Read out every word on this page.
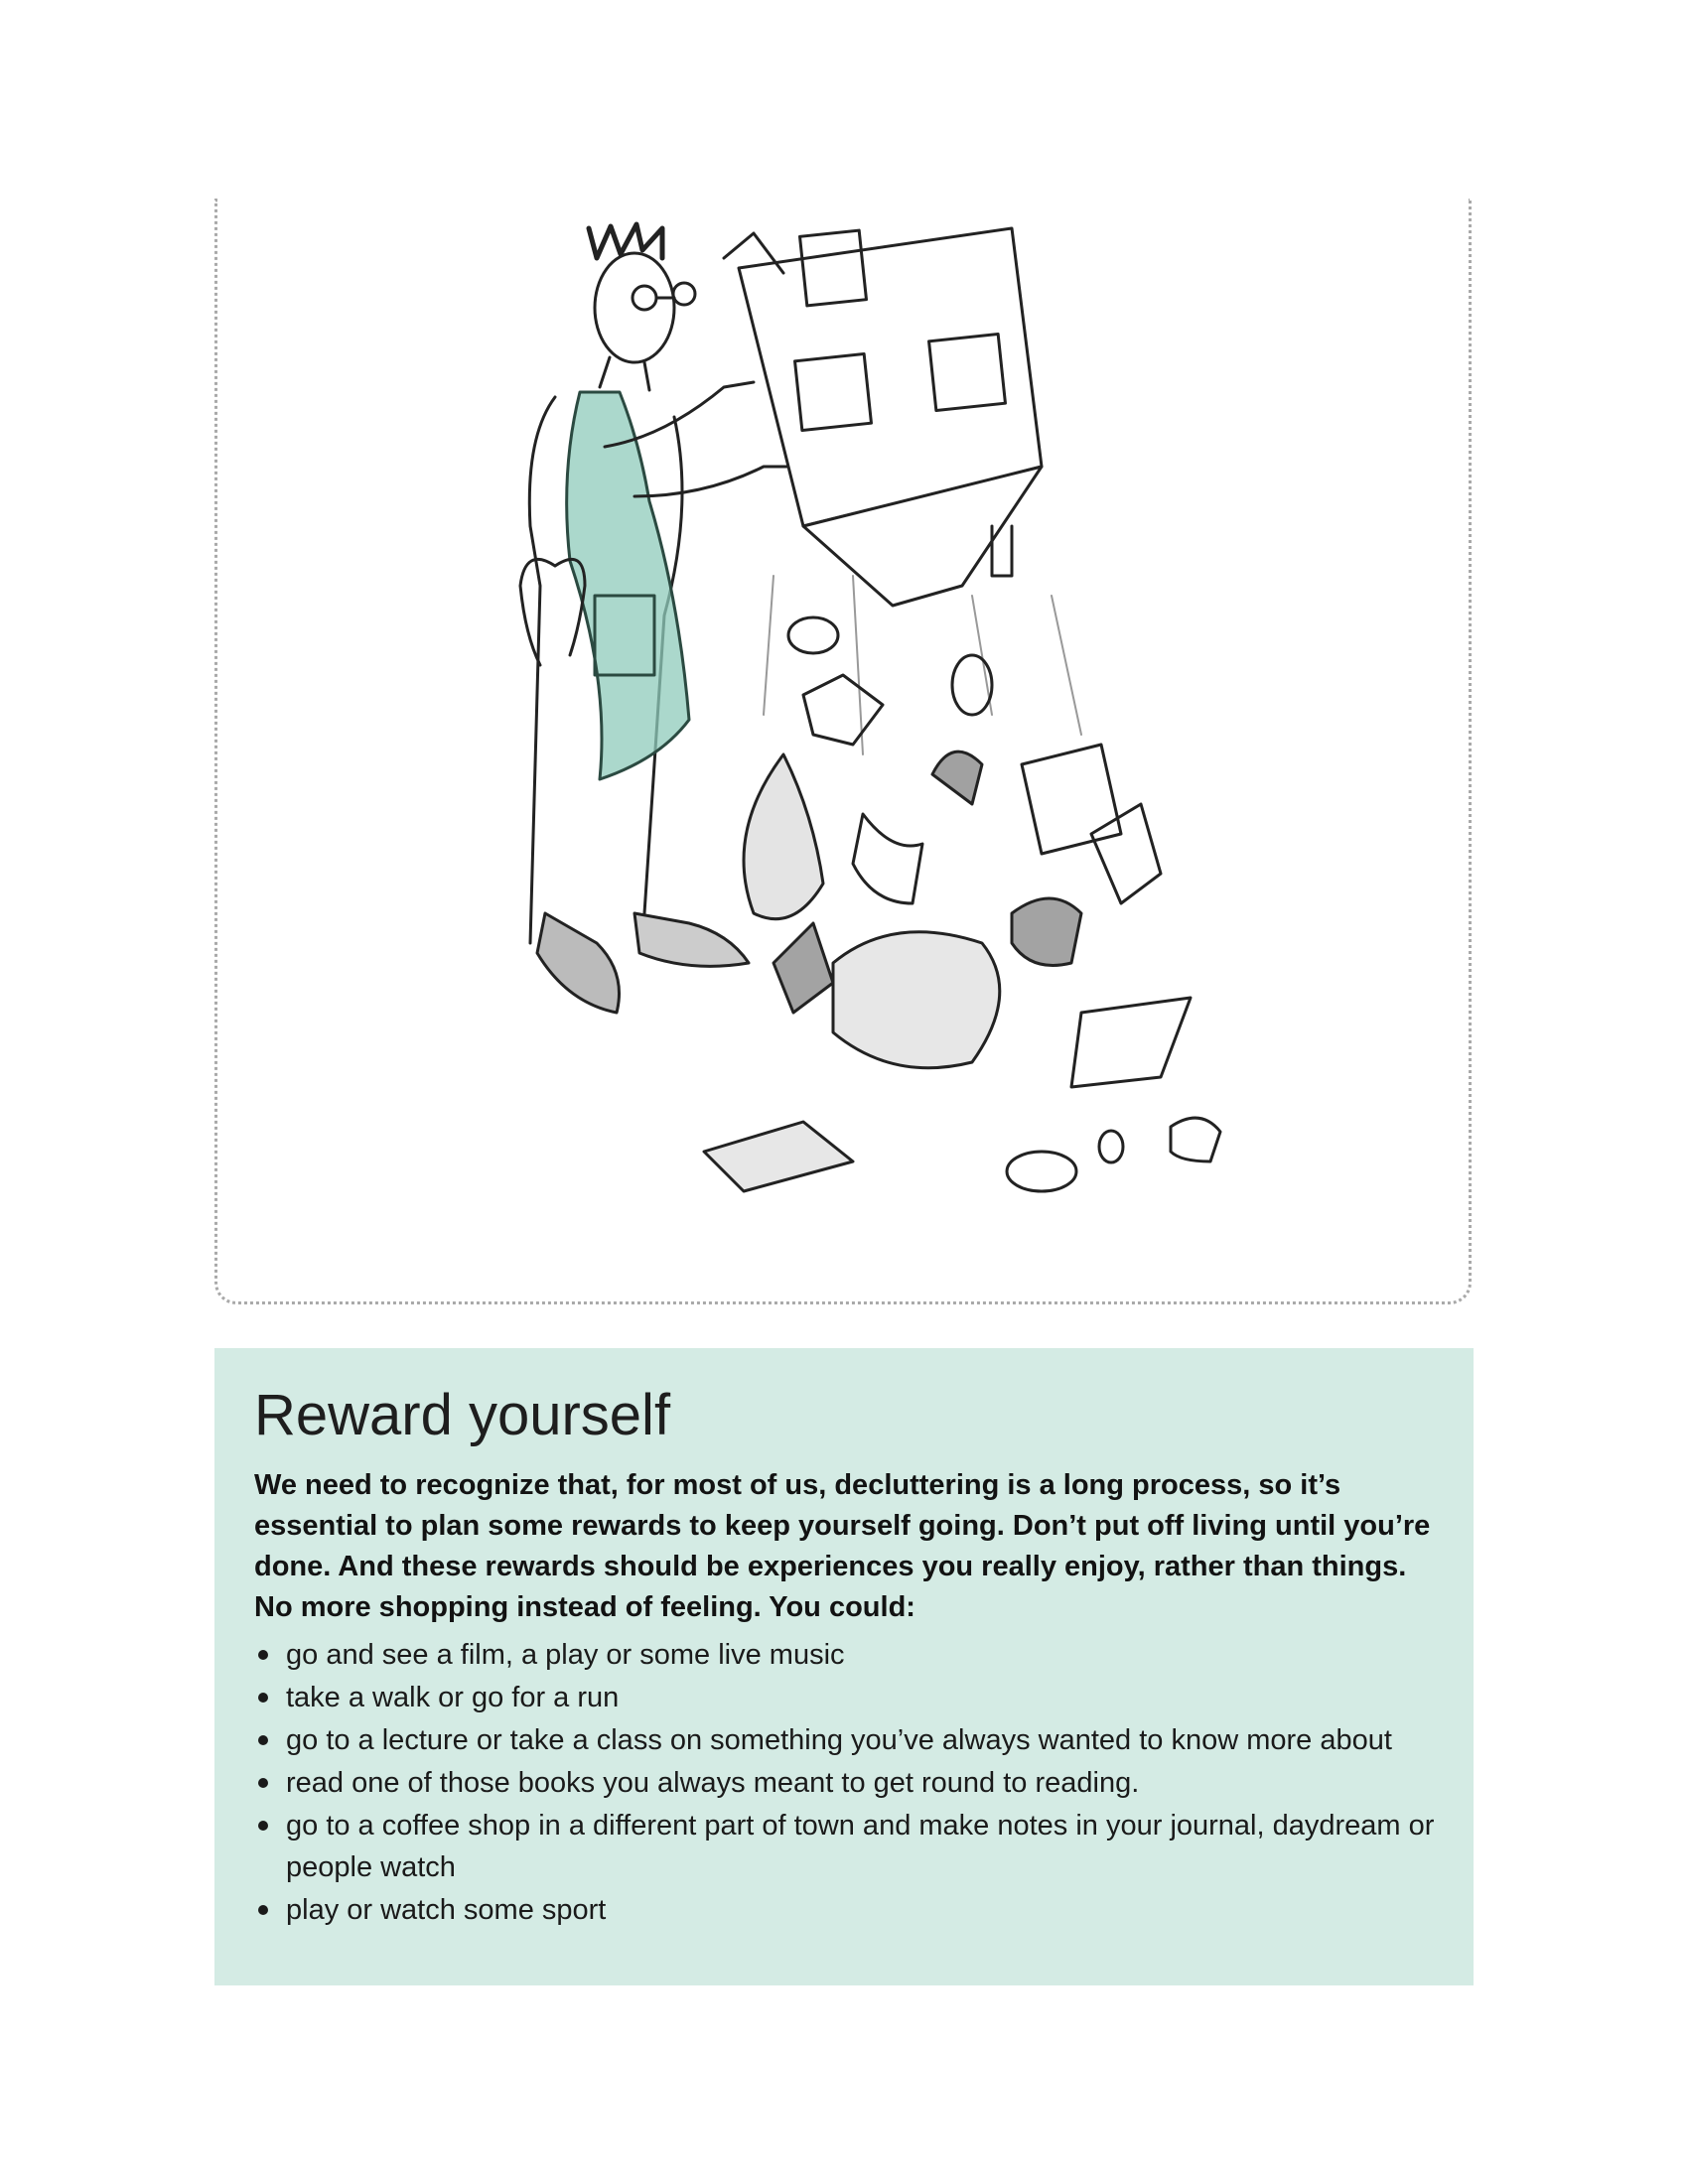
Reward yourself

We need to recognize that, for most of us, decluttering is a long process, so it’s essential to plan some rewards to keep yourself going. Don’t put off living until you’re done. And these rewards should be experiences you really enjoy, rather than things. No more shopping instead of feeling. You could:

go and see a film, a play or some live music
take a walk or go for a run
go to a lecture or take a class on something you’ve always wanted to know more about
read one of those books you always meant to get round to reading.
go to a coffee shop in a different part of town and make notes in your journal, daydream or people watch
play or watch some sport
